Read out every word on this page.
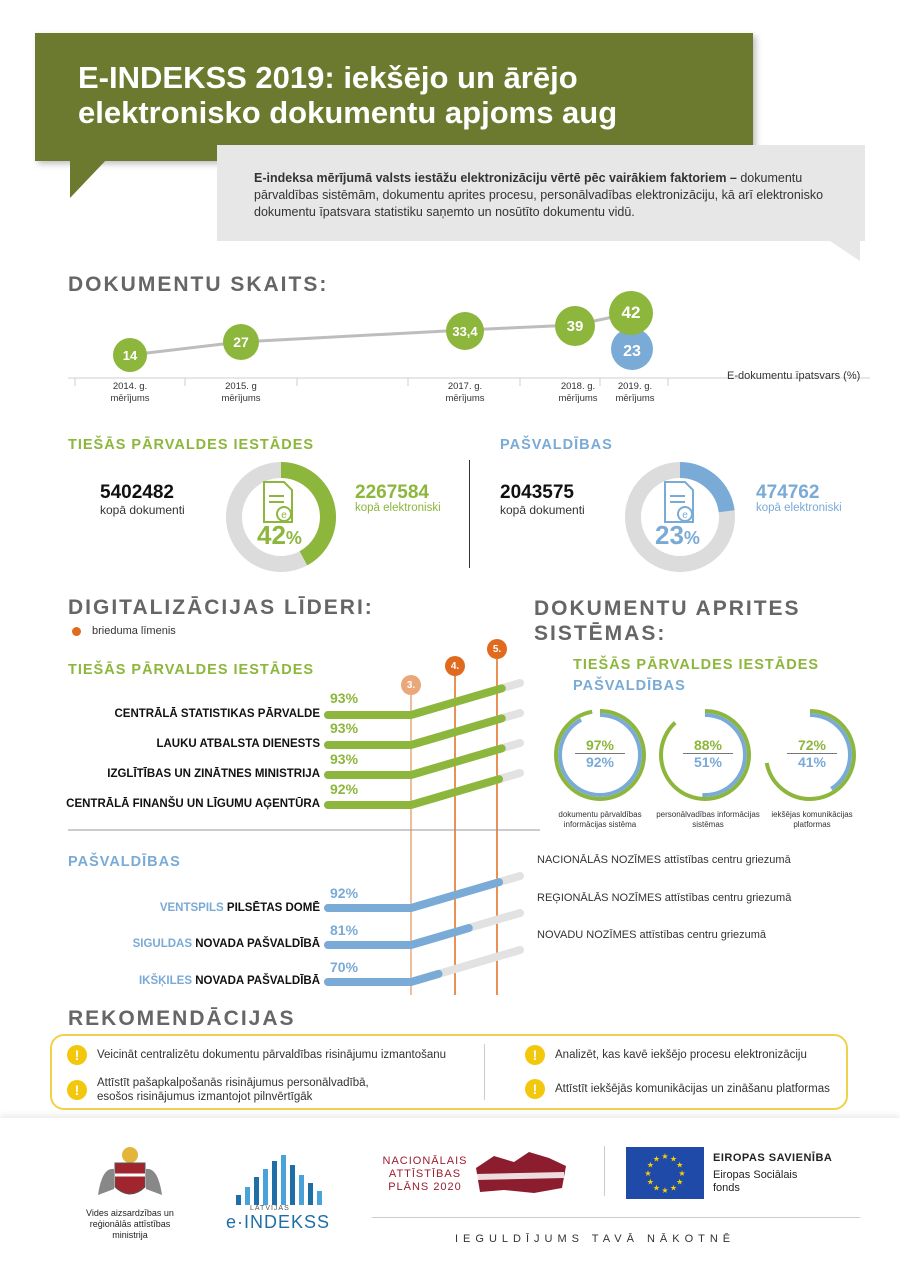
E-INDEKSS 2019: iekšējo un ārējo elektronisko dokumentu apjoms aug
E-indeksa mērījumā valsts iestāžu elektronizāciju vērtē pēc vairākiem faktoriem – dokumentu pārvaldības sistēmām, dokumentu aprites procesu, personālvadības elektronizāciju, kā arī elektronisko dokumentu īpatsvara statistiku saņemto un nosūtīto dokumentu vidū.
DOKUMENTU SKAITS:
14
27
33,4	39
23
42
2014. g.
mērījums
2015. g
mērījums
2017. g.
mērījums
2018. g.
mērījums
2019. g.
mērījums
E-dokumentu īpatsvars (%)
TIEŠĀS PĀRVALDES IESTĀDES
5402482
kopā dokumenti	e
42%
2267584
kopā elektroniski
PAŠVALDĪBAS
2043575
kopā dokumenti	e
23%
474762
kopā elektroniski
DIGITALIZĀCIJAS LĪDERI:
brieduma līmenis
TIEŠĀS PĀRVALDES IESTĀDES
3.
4.
5.
93%
CENTRĀLĀ STATISTIKAS PĀRVALDE
93%
LAUKU ATBALSTA DIENESTS
93%
IZGLĪTĪBAS UN ZINĀTNES MINISTRIJA
92%
CENTRĀLĀ FINANŠU UN LĪGUMU AĢENTŪRA
PAŠVALDĪBAS
92%
VENTSPILS PILSĒTAS DOMĒ
81%
SIGULDAS NOVADA PAŠVALDĪBĀ
70%
IKŠĶILES NOVADA PAŠVALDĪBĀ
NACIONĀLĀS NOZĪMES attīstības centru griezumā
REĢIONĀLĀS NOZĪMES attīstības centru griezumā
NOVADU NOZĪMES attīstības centru griezumā
DOKUMENTU APRITES
SISTĒMAS:
TIEŠĀS PĀRVALDES IESTĀDES
PAŠVALDĪBAS
97%
92%
88%
51%
72%
41%
dokumentu pārvaldības informācijas sistēma
personālvadības informācijas sistēmas
iekšējas komunikācijas platformas
REKOMENDĀCIJAS
!	Veicināt centralizētu dokumentu pārvaldības risinājumu izmantošanu
!	Attīstīt pašapkalpošanās risinājumus personālvadībā, esošos risinājumus izmantojot pilnvērtīgāk
!	Analizēt, kas kavē iekšējo procesu elektronizāciju
!	Attīstīt iekšējās komunikācijas un zināšanu platformas
Vides aizsardzības un reģionālās attīstības ministrija
LATVIJAS
e·INDEKSS
NACIONĀLAIS
ATTĪSTĪBAS
PLĀNS 2020
★
★
★
★
★
★
★
★
★ ★ ★
★
EIROPAS SAVIENĪBA
Eiropas Sociālais
fonds
IEGULDĪJUMS TAVĀ NĀKOTNĒ
